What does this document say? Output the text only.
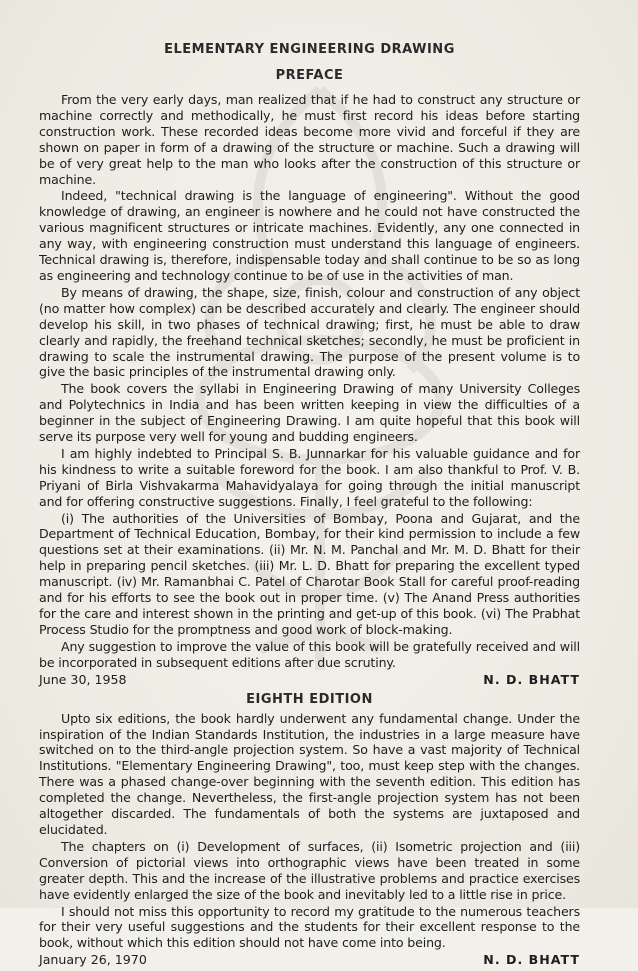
ELEMENTARY ENGINEERING DRAWING
PREFACE

From the very early days, man realized that if he had to construct any structure or machine correctly and methodically, he must first record his ideas before starting construction work. These recorded ideas become more vivid and forceful if they are shown on paper in form of a drawing of the structure or machine. Such a drawing will be of very great help to the man who looks after the construction of this structure or machine.

Indeed, "technical drawing is the language of engineering". Without the good knowledge of drawing, an engineer is nowhere and he could not have constructed the various magnificent structures or intricate machines. Evidently, any one connected in any way, with engineering construction must understand this language of engineers. Technical drawing is, therefore, indispensable today and shall continue to be so as long as engineering and technology continue to be of use in the activities of man.

By means of drawing, the shape, size, finish, colour and construction of any object (no matter how complex) can be described accurately and clearly. The engineer should develop his skill, in two phases of technical drawing; first, he must be able to draw clearly and rapidly, the freehand technical sketches; secondly, he must be proficient in drawing to scale the instrumental drawing. The purpose of the present volume is to give the basic principles of the instrumental drawing only.

The book covers the syllabi in Engineering Drawing of many University Colleges and Polytechnics in India and has been written keeping in view the difficulties of a beginner in the subject of Engineering Drawing. I am quite hopeful that this book will serve its purpose very well for young and budding engineers.

I am highly indebted to Principal S. B. Junnarkar for his valuable guidance and for his kindness to write a suitable foreword for the book. I am also thankful to Prof. V. B. Priyani of Birla Vishvakarma Mahavidyalaya for going through the initial manuscript and for offering constructive suggestions. Finally, I feel grateful to the following:

(i) The authorities of the Universities of Bombay, Poona and Gujarat, and the Department of Technical Education, Bombay, for their kind permission to include a few questions set at their examinations. (ii) Mr. N. M. Panchal and Mr. M. D. Bhatt for their help in preparing pencil sketches. (iii) Mr. L. D. Bhatt for preparing the excellent typed manuscript. (iv) Mr. Ramanbhai C. Patel of Charotar Book Stall for careful proof-reading and for his efforts to see the book out in proper time. (v) The Anand Press authorities for the care and interest shown in the printing and get-up of this book. (vi) The Prabhat Process Studio for the promptness and good work of block-making.

Any suggestion to improve the value of this book will be gratefully received and will be incorporated in subsequent editions after due scrutiny.

June 30, 1958	N. D. BHATT
EIGHTH EDITION

Upto six editions, the book hardly underwent any fundamental change. Under the inspiration of the Indian Standards Institution, the industries in a large measure have switched on to the third-angle projection system. So have a vast majority of Technical Institutions. "Elementary Engineering Drawing", too, must keep step with the changes. There was a phased change-over beginning with the seventh edition. This edition has completed the change. Nevertheless, the first-angle projection system has not been altogether discarded. The fundamentals of both the systems are juxtaposed and elucidated.

The chapters on (i) Development of surfaces, (ii) Isometric projection and (iii) Conversion of pictorial views into orthographic views have been treated in some greater depth. This and the increase of the illustrative problems and practice exercises have evidently enlarged the size of the book and inevitably led to a little rise in price.

I should not miss this opportunity to record my gratitude to the numerous teachers for their very useful suggestions and the students for their excellent response to the book, without which this edition should not have come into being.

January 26, 1970	N. D. BHATT
